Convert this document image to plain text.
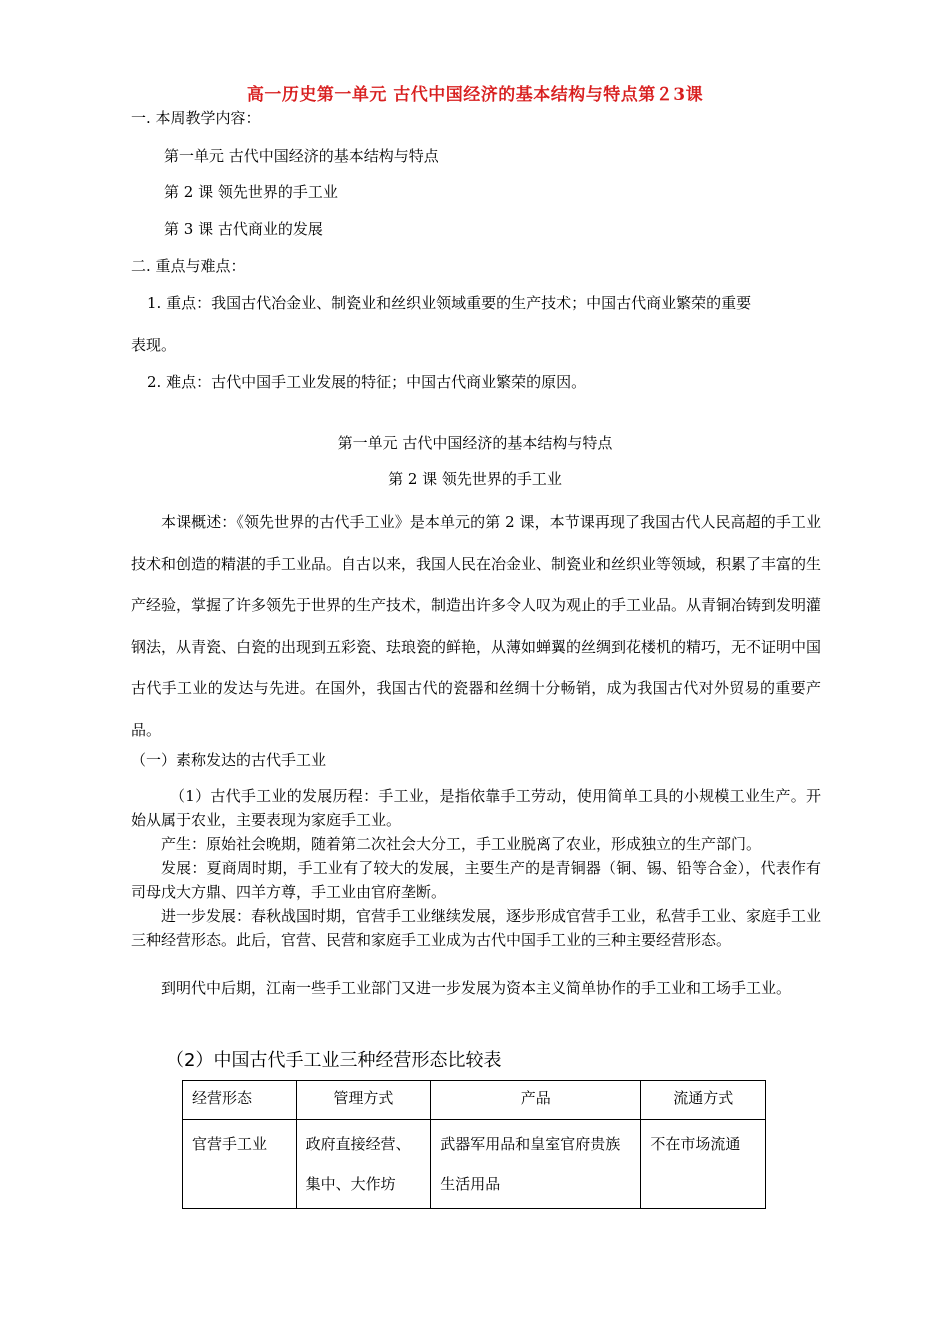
高一历史第一单元 古代中国经济的基本结构与特点第２3课
一. 本周教学内容：
第一单元 古代中国经济的基本结构与特点
第 2 课 领先世界的手工业
第 3 课 古代商业的发展
二. 重点与难点：
1. 重点：我国古代冶金业、制瓷业和丝织业领域重要的生产技术；中国古代商业繁荣的重要
表现。
2. 难点：古代中国手工业发展的特征；中国古代商业繁荣的原因。
第一单元 古代中国经济的基本结构与特点
第 2 课 领先世界的手工业
本课概述：《领先世界的古代手工业》是本单元的第 2 课，本节课再现了我国古代人民高超的手工业技术和创造的精湛的手工业品。自古以来，我国人民在冶金业、制瓷业和丝织业等领域，积累了丰富的生产经验，掌握了许多领先于世界的生产技术，制造出许多令人叹为观止的手工业品。从青铜冶铸到发明灌钢法，从青瓷、白瓷的出现到五彩瓷、珐琅瓷的鲜艳，从薄如蝉翼的丝绸到花楼机的精巧，无不证明中国古代手工业的发达与先进。在国外，我国古代的瓷器和丝绸十分畅销，成为我国古代对外贸易的重要产品。
（一）素称发达的古代手工业
（1）古代手工业的发展历程：手工业，是指依靠手工劳动，使用简单工具的小规模工业生产。开始从属于农业，主要表现为家庭手工业。
产生：原始社会晚期，随着第二次社会大分工，手工业脱离了农业，形成独立的生产部门。
发展：夏商周时期，手工业有了较大的发展，主要生产的是青铜器（铜、锡、铅等合金），代表作有司母戊大方鼎、四羊方尊，手工业由官府垄断。
进一步发展：春秋战国时期，官营手工业继续发展，逐步形成官营手工业，私营手工业、家庭手工业三种经营形态。此后，官营、民营和家庭手工业成为古代中国手工业的三种主要经营形态。
到明代中后期，江南一些手工业部门又进一步发展为资本主义简单协作的手工业和工场手工业。
（2）中国古代手工业三种经营形态比较表
经营形态	管理方式	产品	流通方式
官营手工业	政府直接经营、集中、大作坊	武器军用品和皇室官府贵族生活用品	不在市场流通
